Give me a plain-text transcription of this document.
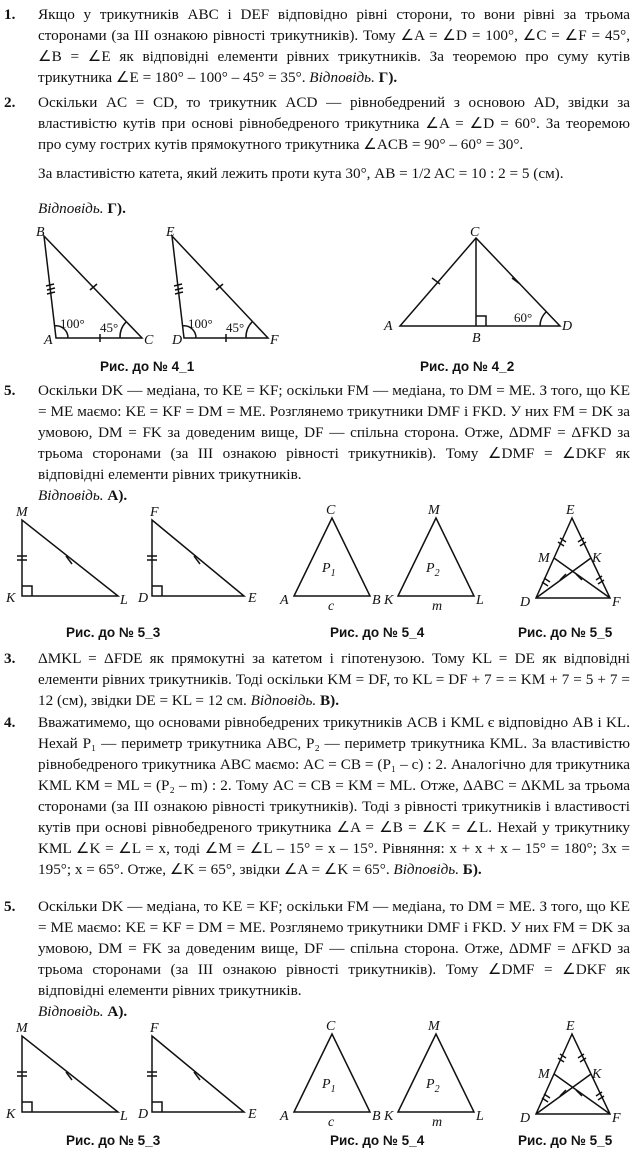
1. Якщо у трикутників ABC і DEF відповідно рівні сторони, то вони рівні за трьома сторонами (за III ознакою рівності трикутників). Тому ∠A = ∠D = 100°, ∠C = ∠F = 45°, ∠B = ∠E як відповідні елементи рівних трикутників. За теоремою про суму кутів трикутника ∠E = 180° – 100° – 45° = 35°. Відповідь. Г).

2. Оскільки AC = CD, то трикутник ACD — рівнобедрений з основою AD, звідки за властивістю кутів при основі рівнобедреного трикутника ∠A = ∠D = 60°. За теоремою про суму гострих кутів прямокутного трикутника ∠ACB = 90° – 60° = 30°.

За властивістю катета, який лежить проти кута 30°, AB = 1/2 AC = 10 : 2 = 5 (см).

Відповідь. Г).
B
A	C
100° 45°
E
D	F
100° 45°
C
A
B
D
60°
Рис. до № 4_1	Рис. до № 4_2
5. Оскільки DK — медіана, то KE = KF; оскільки FM — медіана, то DM = ME. З того, що KE = ME маємо: KE = KF = DM = ME. Розглянемо трикутники DMF і FKD. У них FM = DK за умовою, DM = FK за доведеним вище, DF — спільна сторона. Отже, ΔDMF = ΔFKD за трьома сторонами (за III ознакою рівності трикутників). Тому ∠DMF = ∠DKF як відповідні елементи рівних трикутників.

Відповідь. А).

M
K	L
F
D	E
C
$P_1$
A	c	B
M
$P_2$
K	m L
E
M	K
D	F
Рис. до № 5_3	Рис. до № 5_4	Рис. до № 5_5
3. ΔMKL = ΔFDE як прямокутні за катетом і гіпотенузою. Тому KL = DE як відповідні елементи рівних трикутників. Тоді оскільки KM = DF, то KL = DF + 7 = = KM + 7 = 5 + 7 = 12 (см), звідки DE = KL = 12 см. Відповідь. В).

4. Вважатимемо, що основами рівнобедрених трикутників ACB і KML є відповідно AB і KL. Нехай P₁ — периметр трикутника ABC, P₂ — периметр трикутника KML. За властивістю рівнобедреного трикутника ABC маємо: AC = CB = (P₁ – c) : 2. Аналогічно для трикутника KML KM = ML = (P₂ – m) : 2. Тому AC = CB = KM = ML. Отже, ΔABC = ΔKML за трьома сторонами (за III ознакою рівності трикутників). Тоді з рівності трикутників і властивості кутів при основі рівнобедреного трикутника ∠A = ∠B = ∠K = ∠L. Нехай у трикутнику KML ∠K = ∠L = x, тоді ∠M = ∠L – 15° = x – 15°. Рівняння: x + x + x – 15° = 180°; 3x = 195°; x = 65°. Отже, ∠K = 65°, звідки ∠A = ∠K = 65°. Відповідь. Б).

5. Оскільки DK — медіана, то KE = KF; оскільки FM — медіана, то DM = ME. З того, що KE = ME маємо: KE = KF = DM = ME. Розглянемо трикутники DMF і FKD. У них FM = DK за умовою, DM = FK за доведеним вище, DF — спільна сторона. Отже, ΔDMF = ΔFKD за трьома сторонами (за III ознакою рівності трикутників). Тому ∠DMF = ∠DKF як відповідні елементи рівних трикутників.

Відповідь. А).

M
K	L
F
D	E
C
$P_1$
A	c	B
M
$P_2$
K	m L
E
M	K
D	F
Рис. до № 5_3	Рис. до № 5_4	Рис. до № 5_5
